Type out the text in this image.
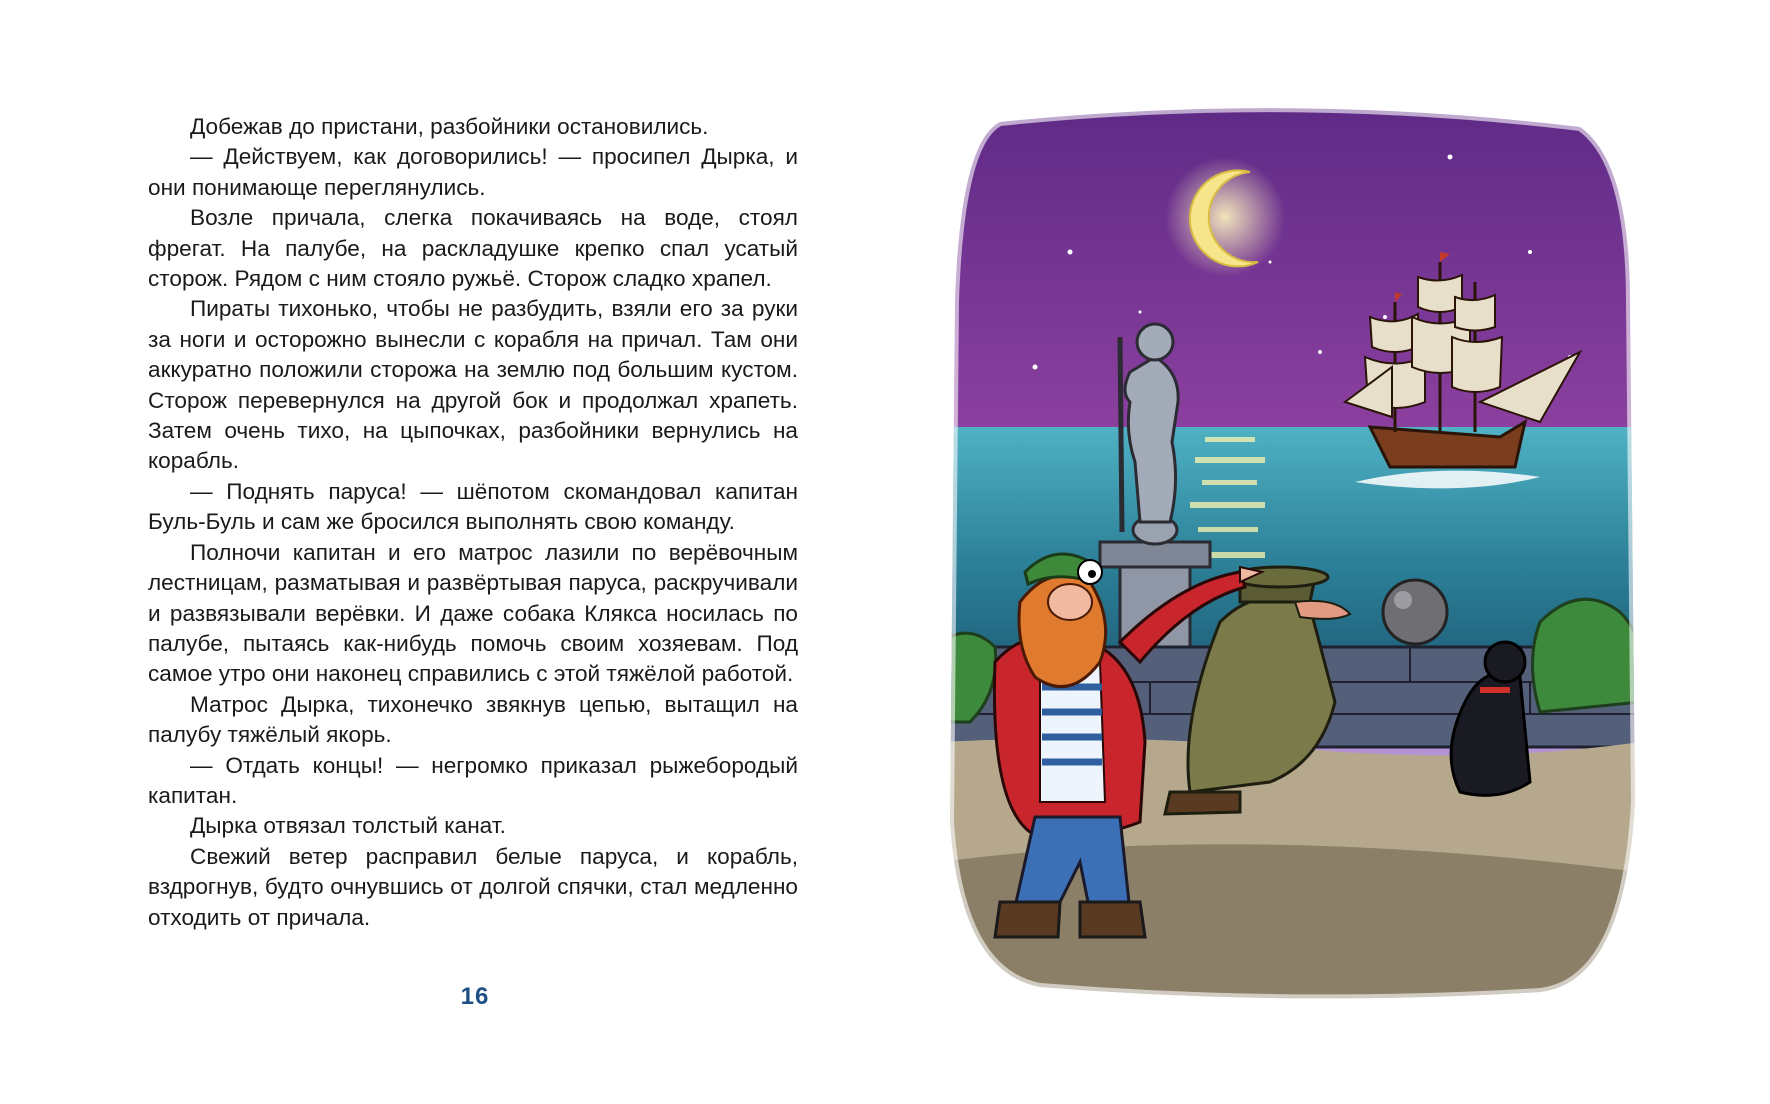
Добежав до пристани, разбойники остановились.

— Действуем, как договорились! — просипел Дырка, и они понимающе переглянулись.

Возле причала, слегка покачиваясь на воде, стоял фрегат. На палубе, на раскладушке крепко спал усатый сторож. Рядом с ним стояло ружьё. Сторож сладко храпел.

Пираты тихонько, чтобы не разбудить, взяли его за руки за ноги и осторожно вынесли с корабля на причал. Там они аккуратно положили сторожа на землю под большим кустом. Сторож перевернулся на другой бок и продолжал храпеть. Затем очень тихо, на цыпочках, разбойники вернулись на корабль.

— Поднять паруса! — шёпотом скомандовал капитан Буль-Буль и сам же бросился выполнять свою команду.

Полночи капитан и его матрос лазили по верёвочным лестницам, разматывая и развёртывая паруса, раскручивали и развязывали верёвки. И даже собака Клякса носилась по палубе, пытаясь как-нибудь помочь своим хозяевам. Под самое утро они наконец справились с этой тяжёлой работой.

Матрос Дырка, тихонечко звякнув цепью, вытащил на палубу тяжёлый якорь.

— Отдать концы! — негромко приказал рыжебородый капитан.

Дырка отвязал толстый канат.

Свежий ветер расправил белые паруса, и корабль, вздрогнув, будто очнувшись от долгой спячки, стал медленно отходить от причала.

16
